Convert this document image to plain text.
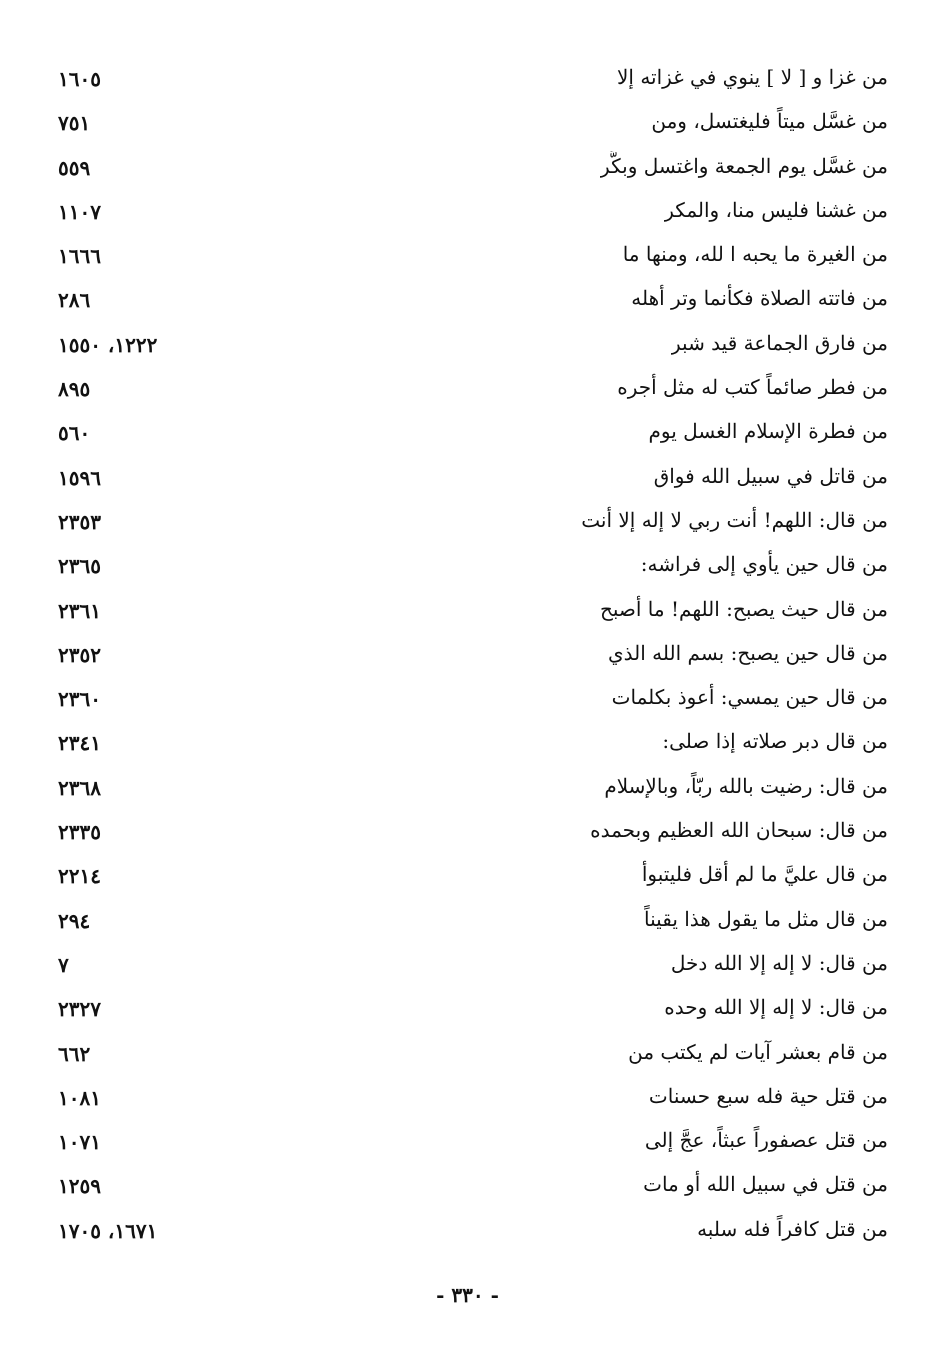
من غزا و [ لا ] ينوي في غزاته إلا
١٦٠٥
من غسَّل ميتاً فليغتسل، ومن
٧٥١
من غسَّل يوم الجمعة واغتسل وبكَّر
٥٥٩
من غشنا فليس منا، والمكر
١١٠٧
من الغيرة ما يحبه ا لله، ومنها ما
١٦٦٦
من فاتته الصلاة فكأنما وتر أهله
٢٨٦
من فارق الجماعة قيد شبر
١٢٢٢، ١٥٥٠
من فطر صائماً كتب له مثل أجره
٨٩٥
من فطرة الإسلام الغسل يوم
٥٦٠
من قاتل في سبيل الله فواق
١٥٩٦
من قال: اللهم! أنت ربي لا إله إلا أنت
٢٣٥٣
من قال حين يأوي إلى فراشه:
٢٣٦٥
من قال حيث يصبح: اللهم! ما أصبح
٢٣٦١
من قال حين يصبح: بسم الله الذي
٢٣٥٢
من قال حين يمسي: أعوذ بكلمات
٢٣٦٠
من قال دبر صلاته إذا صلى:
٢٣٤١
من قال: رضيت بالله ربّاً، وبالإسلام
٢٣٦٨
من قال: سبحان الله العظيم وبحمده
٢٣٣٥
من قال عليَّ ما لم أقل فليتبوأ
٢٢١٤
من قال مثل ما يقول هذا يقيناً
٢٩٤
من قال: لا إله إلا الله دخل
٧
من قال: لا إله إلا الله وحده
٢٣٢٧
من قام بعشر آيات لم يكتب من
٦٦٢
من قتل حية فله سبع حسنات
١٠٨١
من قتل عصفوراً عبثاً، عجَّ إلى
١٠٧١
من قتل في سبيل الله أو مات
١٢٥٩
من قتل كافراً فله سلبه
١٦٧١، ١٧٠٥
- ٣٣٠ -
